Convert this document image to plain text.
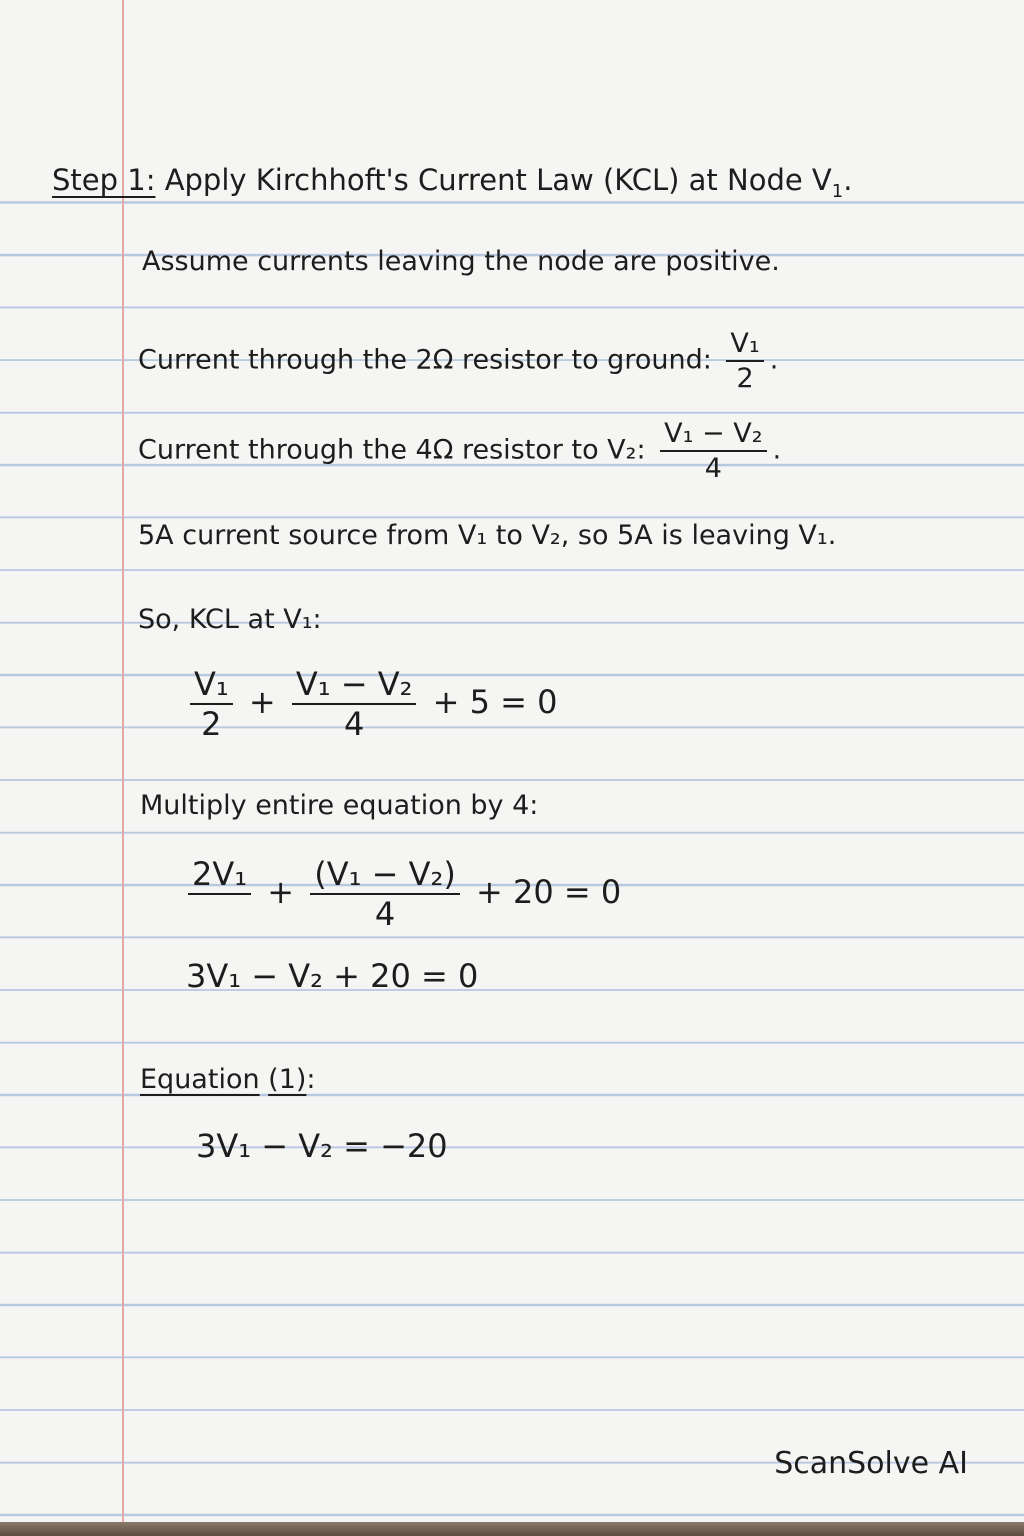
Step 1: Apply Kirchhoft's Current Law (KCL) at Node $V_1$.
Assume currents leaving the node are positive.
Current through the 2Ω resistor to ground: $\frac{\text{V₁}}{2}$ .
Current through the 4Ω resistor to V₂: $\frac{\text{V₁ − V₂}}{4}$ .
5A current source from V₁ to V₂, so 5A is leaving V₁.
So, KCL at V₁:
$\frac{\text{V₁}}{2} + \frac{\text{V₁ − V₂}}{4} + 5 = 0$
Multiply entire equation by 4:
$2V_1 + \frac{\text{(V₁ − V₂)}}{4} + 20 = 0$
3V₁ − V₂ + 20 = 0
Equation (1):
3V₁ − V₂ = −20
ScanSolve AI
